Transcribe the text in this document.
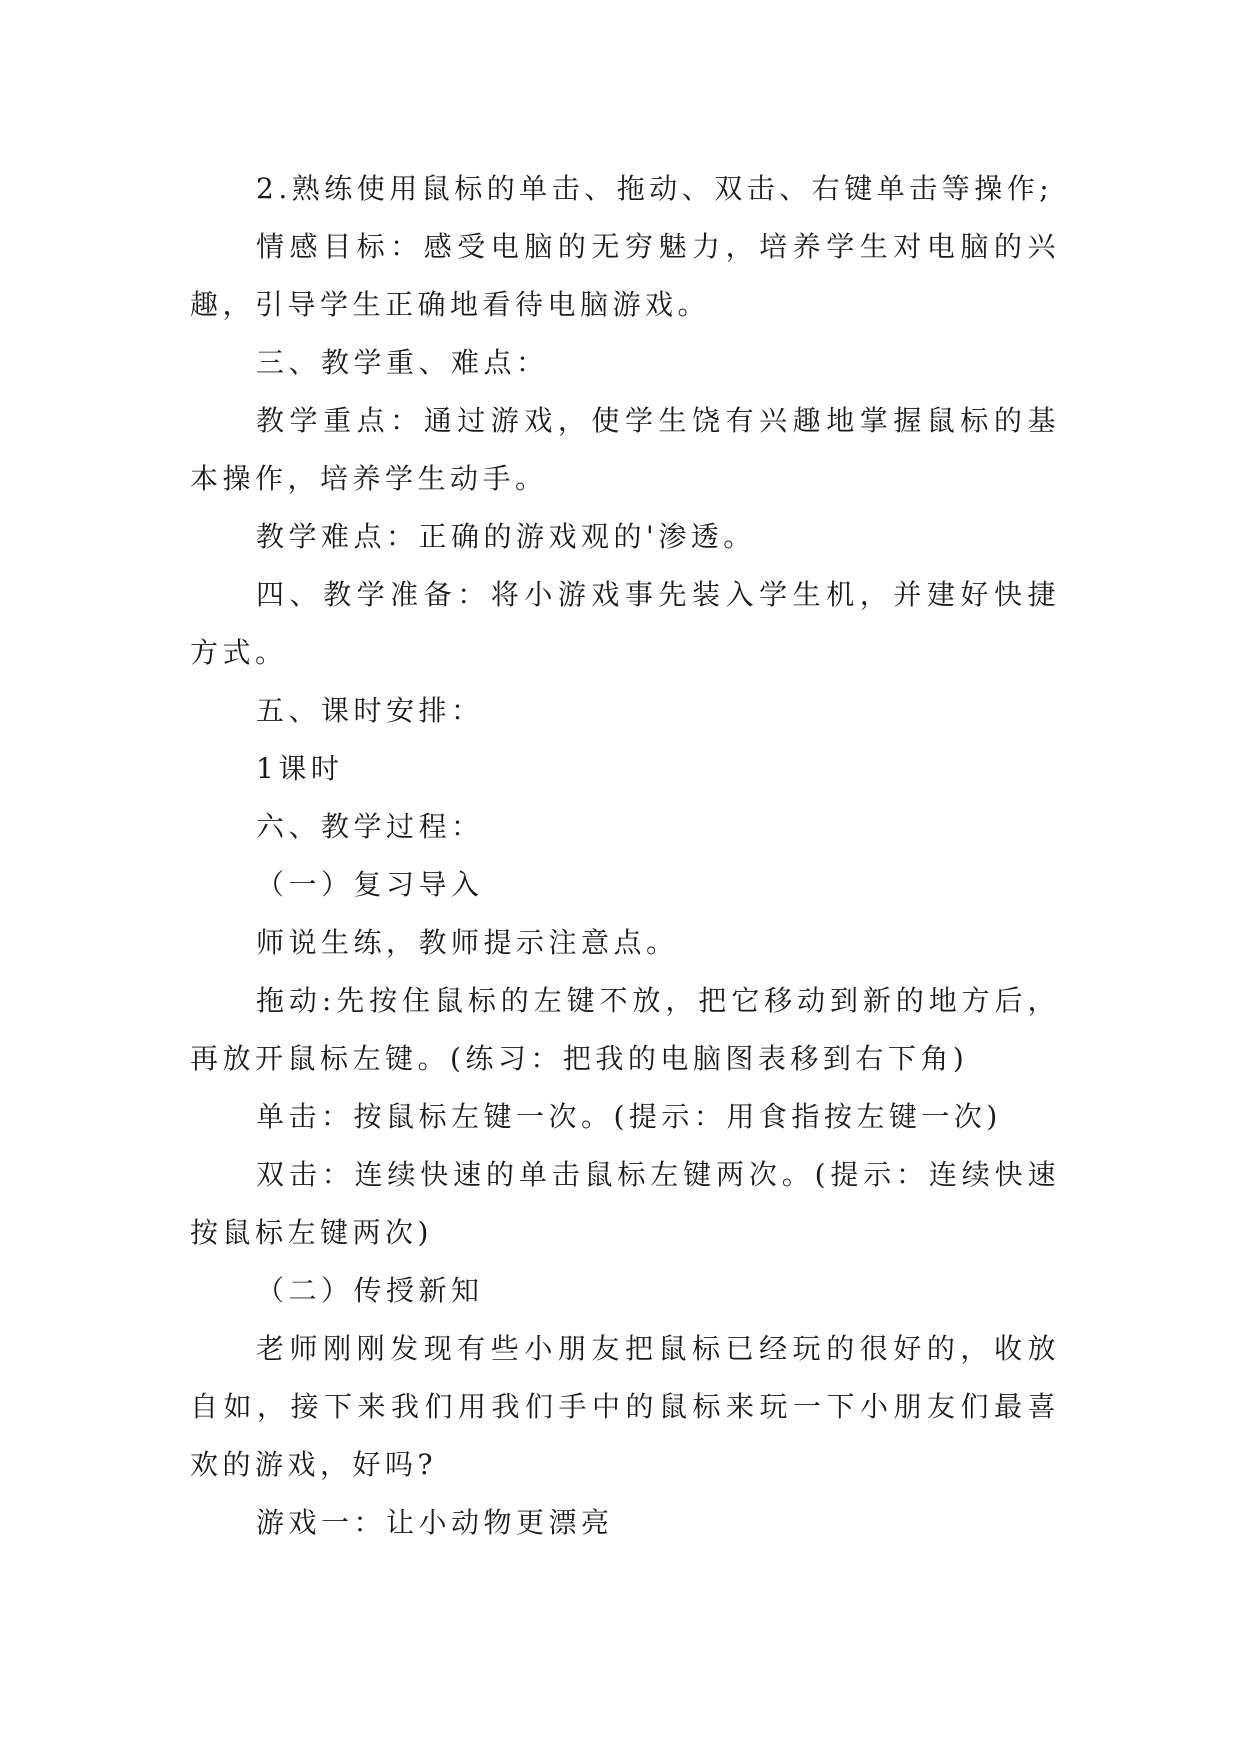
2.熟练使用鼠标的单击、拖动、双击、右键单击等操作;

情感目标：感受电脑的无穷魅力，培养学生对电脑的兴趣，引导学生正确地看待电脑游戏。

三、教学重、难点：

教学重点：通过游戏，使学生饶有兴趣地掌握鼠标的基本操作，培养学生动手。

教学难点：正确的游戏观的'渗透。

四、教学准备：将小游戏事先装入学生机，并建好快捷方式。

五、课时安排：

1课时

六、教学过程：

（一）复习导入

师说生练，教师提示注意点。

拖动:先按住鼠标的左键不放，把它移动到新的地方后，再放开鼠标左键。(练习：把我的电脑图表移到右下角)

单击：按鼠标左键一次。(提示：用食指按左键一次)

双击：连续快速的单击鼠标左键两次。(提示：连续快速按鼠标左键两次)

（二）传授新知

老师刚刚发现有些小朋友把鼠标已经玩的很好的，收放自如，接下来我们用我们手中的鼠标来玩一下小朋友们最喜欢的游戏，好吗?

游戏一：让小动物更漂亮
